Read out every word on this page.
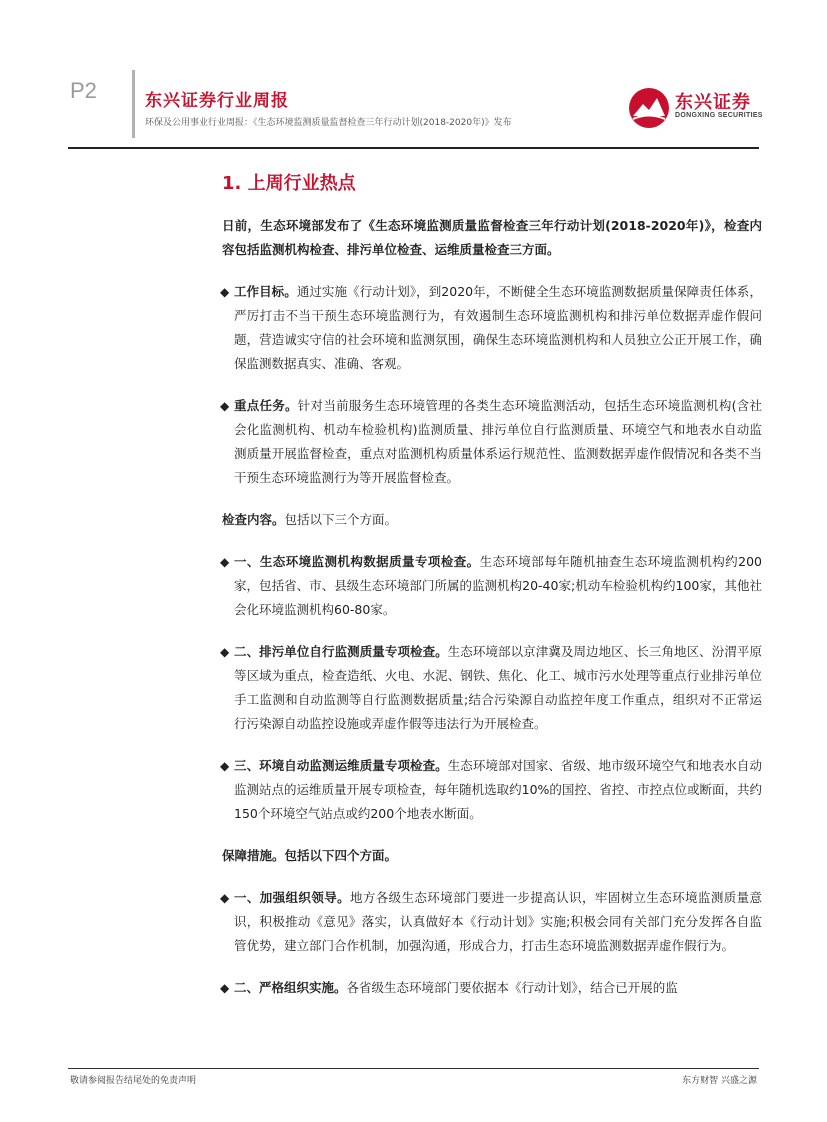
P2	东兴证券行业周报
环保及公用事业行业周报：《生态环境监测质量监督检查三年行动计划(2018-2020年)》发布
东兴证券
DONGXING SECURITIES
1. 上周行业热点

日前，生态环境部发布了《生态环境监测质量监督检查三年行动计划(2018-2020年)》，检查内容包括监测机构检查、排污单位检查、运维质量检查三方面。

◆ 工作目标。通过实施《行动计划》，到2020年，不断健全生态环境监测数据质量保障责任体系，严厉打击不当干预生态环境监测行为，有效遏制生态环境监测机构和排污单位数据弄虚作假问题，营造诚实守信的社会环境和监测氛围，确保生态环境监测机构和人员独立公正开展工作，确保监测数据真实、准确、客观。
◆ 重点任务。针对当前服务生态环境管理的各类生态环境监测活动，包括生态环境监测机构(含社会化监测机构、机动车检验机构)监测质量、排污单位自行监测质量、环境空气和地表水自动监测质量开展监督检查，重点对监测机构质量体系运行规范性、监测数据弄虚作假情况和各类不当干预生态环境监测行为等开展监督检查。

检查内容。包括以下三个方面。

◆ 一、生态环境监测机构数据质量专项检查。生态环境部每年随机抽查生态环境监测机构约200家，包括省、市、县级生态环境部门所属的监测机构20-40家;机动车检验机构约100家，其他社会化环境监测机构60-80家。
◆ 二、排污单位自行监测质量专项检查。生态环境部以京津冀及周边地区、长三角地区、汾渭平原等区域为重点，检查造纸、火电、水泥、钢铁、焦化、化工、城市污水处理等重点行业排污单位手工监测和自动监测等自行监测数据质量;结合污染源自动监控年度工作重点，组织对不正常运行污染源自动监控设施或弄虚作假等违法行为开展检查。
◆ 三、环境自动监测运维质量专项检查。生态环境部对国家、省级、地市级环境空气和地表水自动监测站点的运维质量开展专项检查，每年随机选取约10%的国控、省控、市控点位或断面，共约150个环境空气站点或约200个地表水断面。

保障措施。包括以下四个方面。

◆ 一、加强组织领导。地方各级生态环境部门要进一步提高认识，牢固树立生态环境监测质量意识，积极推动《意见》落实，认真做好本《行动计划》实施;积极会同有关部门充分发挥各自监管优势，建立部门合作机制，加强沟通，形成合力，打击生态环境监测数据弄虚作假行为。
◆ 二、严格组织实施。各省级生态环境部门要依据本《行动计划》，结合已开展的监
敬请参阅报告结尾处的免责声明	东方财智 兴盛之源
